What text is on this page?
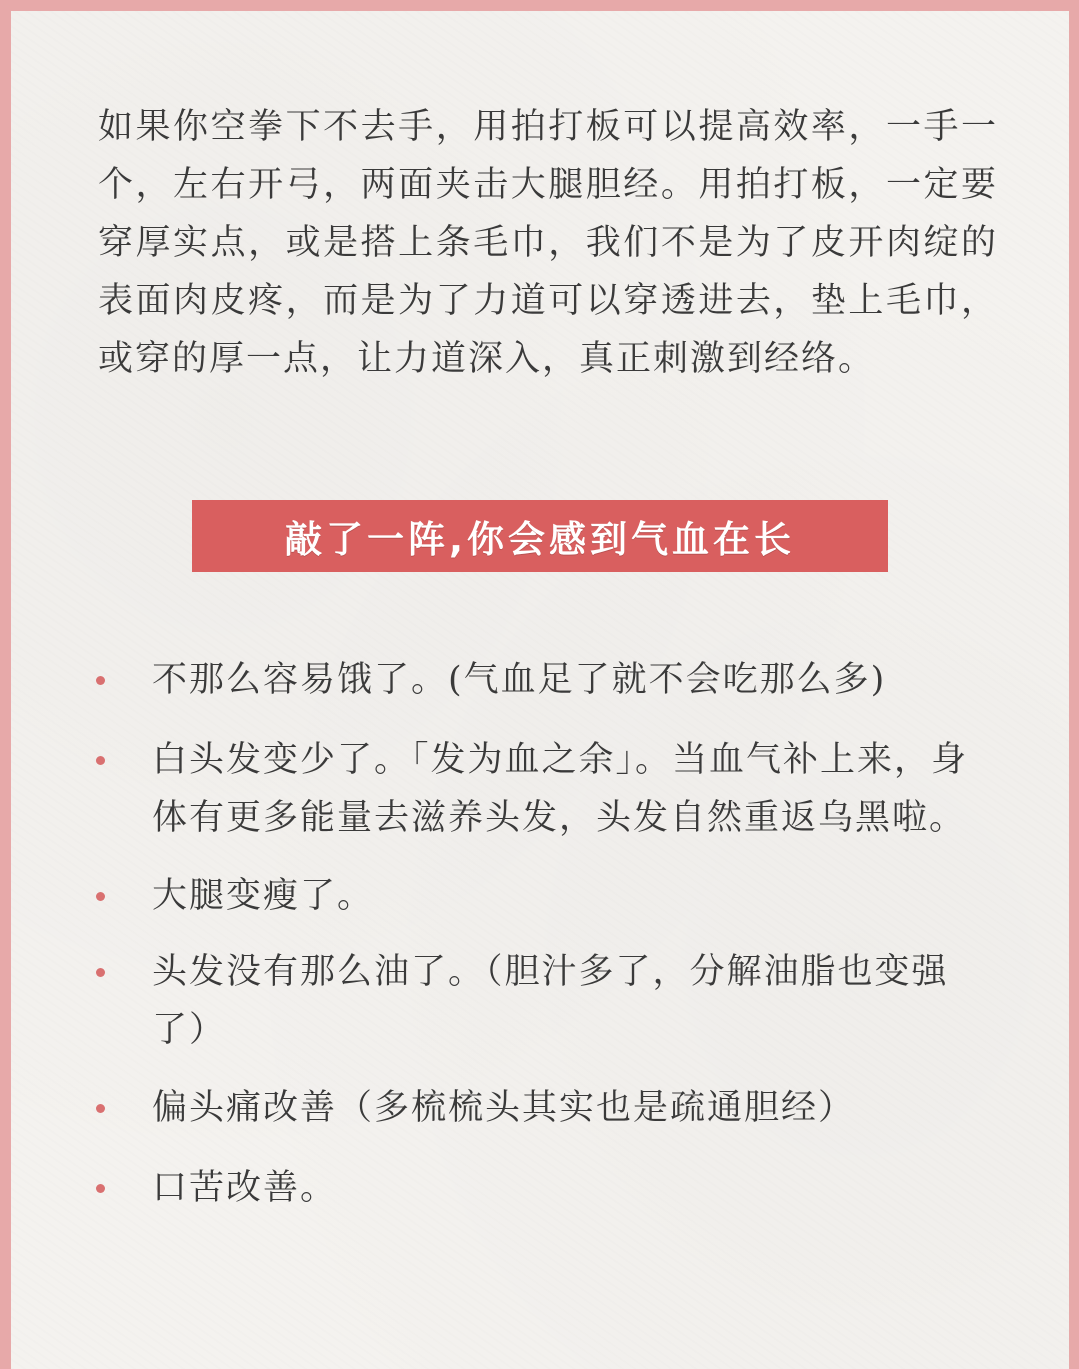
如果你空拳下不去手，用拍打板可以提高效率，一手一个，左右开弓，两面夹击大腿胆经。用拍打板，一定要穿厚实点，或是搭上条毛巾，我们不是为了皮开肉绽的表面肉皮疼，而是为了力道可以穿透进去，垫上毛巾，或穿的厚一点，让力道深入，真正刺激到经络。

敲了一阵,你会感到气血在长
不那么容易饿了。(气血足了就不会吃那么多)
白头发变少了。「发为血之余」。当血气补上来，身体有更多能量去滋养头发，头发自然重返乌黑啦。
大腿变瘦了。
头发没有那么油了。（胆汁多了，分解油脂也变强了）
偏头痛改善（多梳梳头其实也是疏通胆经）
口苦改善。
